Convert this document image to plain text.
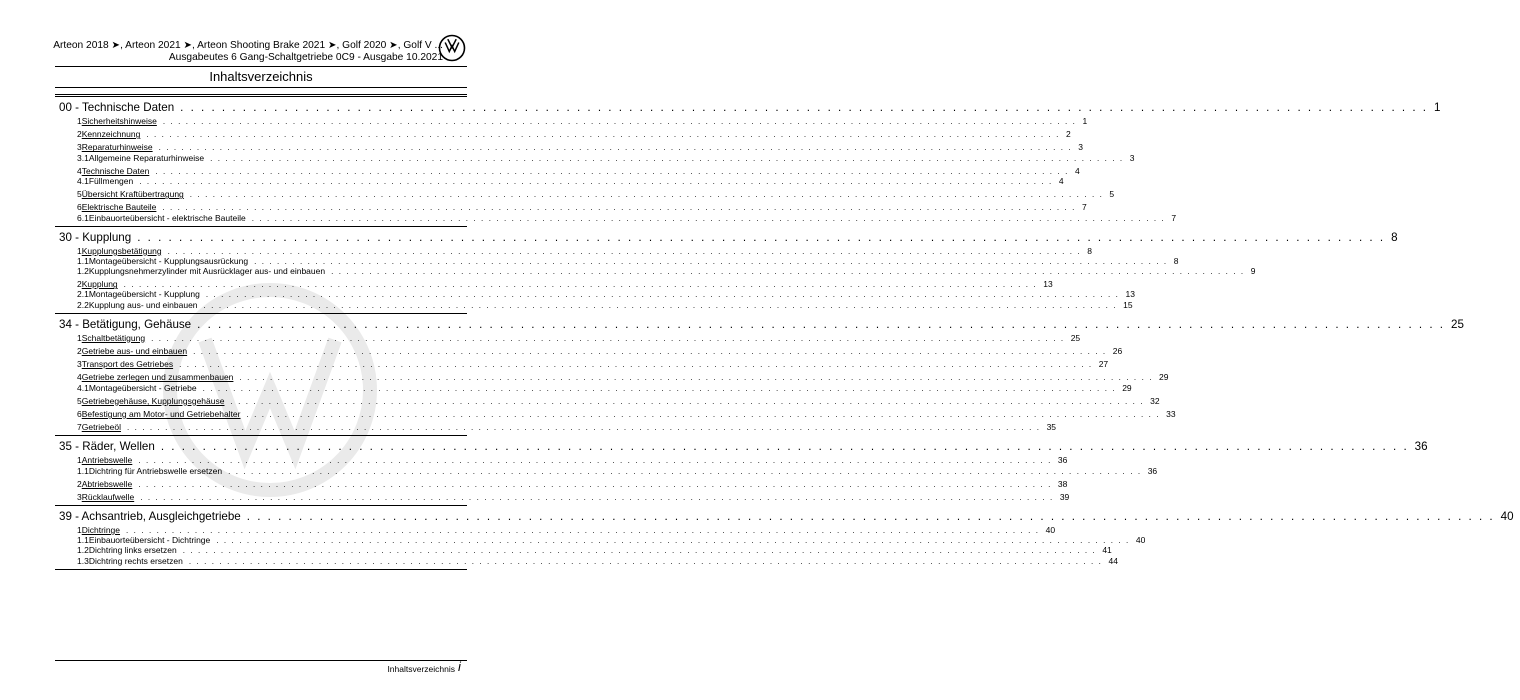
Arteon 2018 ➤, Arteon 2021 ➤, Arteon Shooting Brake 2021 ➤, Golf 2020 ➤, Golf V ...
Ausgabeutes 6 Gang-Schaltgetriebe 0C9 - Ausgabe 10.2021
Inhaltsverzeichnis
00 - Technische Daten . . . . . . . . . . . . . . . . . . . . . . . . . . . . . . . . . . . . . . . . . . . . . . . . . . . . . . . . . . . . . . . . . . . . . . . . . . . . . . . . . . . . . . . . . . . . . . . . . . . . . . . . . . . . . . . . . . . . . . . . 1
1 Sicherheitshinweise . . . . . . . . . . . . . . . . . . . . . . . . . . . . . . . . . . . . . . . . . . . . . . . . . . . . . . . . . . . . . . . . . . . . . . . . . . . . . . . . . . . . . . . . . . . . . . . . . . . . . . . . . . . . . . . . . . . . . . . . 1
2 Kennzeichnung . . . . . . . . . . . . . . . . . . . . . . . . . . . . . . . . . . . . . . . . . . . . . . . . . . . . . . . . . . . . . . . . . . . . . . . . . . . . . . . . . . . . . . . . . . . . . . . . . . . . . . . . . . . . . . . . . . . . . . . . 2
3 Reparaturhinweise . . . . . . . . . . . . . . . . . . . . . . . . . . . . . . . . . . . . . . . . . . . . . . . . . . . . . . . . . . . . . . . . . . . . . . . . . . . . . . . . . . . . . . . . . . . . . . . . . . . . . . . . . . . . . . . . . . . . . . . . 3
3.1 Allgemeine Reparaturhinweise . . . . . . . . . . . . . . . . . . . . . . . . . . . . . . . . . . . . . . . . . . . . . . . . . . . . . . . . . . . . . . . . . . . . . . . . . . . . . . . . . . . . . . . . . . . . . . . . . . . . . . . . . . . . . . . . . . . . . . . . 3
4 Technische Daten . . . . . . . . . . . . . . . . . . . . . . . . . . . . . . . . . . . . . . . . . . . . . . . . . . . . . . . . . . . . . . . . . . . . . . . . . . . . . . . . . . . . . . . . . . . . . . . . . . . . . . . . . . . . . . . . . . . . . . . . 4
4.1 Füllmengen . . . . . . . . . . . . . . . . . . . . . . . . . . . . . . . . . . . . . . . . . . . . . . . . . . . . . . . . . . . . . . . . . . . . . . . . . . . . . . . . . . . . . . . . . . . . . . . . . . . . . . . . . . . . . . . . . . . . . . . . 4
5 Übersicht Kraftübertragung . . . . . . . . . . . . . . . . . . . . . . . . . . . . . . . . . . . . . . . . . . . . . . . . . . . . . . . . . . . . . . . . . . . . . . . . . . . . . . . . . . . . . . . . . . . . . . . . . . . . . . . . . . . . . . . . . . . . . . . . 5
6 Elektrische Bauteile . . . . . . . . . . . . . . . . . . . . . . . . . . . . . . . . . . . . . . . . . . . . . . . . . . . . . . . . . . . . . . . . . . . . . . . . . . . . . . . . . . . . . . . . . . . . . . . . . . . . . . . . . . . . . . . . . . . . . . . . 7
6.1 Einbauorteübersicht - elektrische Bauteile . . . . . . . . . . . . . . . . . . . . . . . . . . . . . . . . . . . . . . . . . . . . . . . . . . . . . . . . . . . . . . . . . . . . . . . . . . . . . . . . . . . . . . . . . . . . . . . . . . . . . . . . . . . . . . . . . . . . . . . . 7
30 - Kupplung . . . . . . . . . . . . . . . . . . . . . . . . . . . . . . . . . . . . . . . . . . . . . . . . . . . . . . . . . . . . . . . . . . . . . . . . . . . . . . . . . . . . . . . . . . . . . . . . . . . . . . . . . . . . . . . . . . . . . . . . 8
1 Kupplungsbetätigung . . . . . . . . . . . . . . . . . . . . . . . . . . . . . . . . . . . . . . . . . . . . . . . . . . . . . . . . . . . . . . . . . . . . . . . . . . . . . . . . . . . . . . . . . . . . . . . . . . . . . . . . . . . . . . . . . . . . . . . . 8
1.1 Montageübersicht - Kupplungsausrückung . . . . . . . . . . . . . . . . . . . . . . . . . . . . . . . . . . . . . . . . . . . . . . . . . . . . . . . . . . . . . . . . . . . . . . . . . . . . . . . . . . . . . . . . . . . . . . . . . . . . . . . . . . . . . . . . . . . . . . . . 8
1.2 Kupplungsnehmerzylinder mit Ausrücklager aus- und einbauen . . . . . . . . . . . . . . . . . . . . . . . . . . . . . . . . . . . . . . . . . . . . . . . . . . . . . . . . . . . . . . . . . . . . . . . . . . . . . . . . . . . . . . . . . . . . . . . . . . . . . . . . . . . . . . . . . . . . . . . . 9
2 Kupplung . . . . . . . . . . . . . . . . . . . . . . . . . . . . . . . . . . . . . . . . . . . . . . . . . . . . . . . . . . . . . . . . . . . . . . . . . . . . . . . . . . . . . . . . . . . . . . . . . . . . . . . . . . . . . . . . . . . . . . . . 13
2.1 Montageübersicht - Kupplung . . . . . . . . . . . . . . . . . . . . . . . . . . . . . . . . . . . . . . . . . . . . . . . . . . . . . . . . . . . . . . . . . . . . . . . . . . . . . . . . . . . . . . . . . . . . . . . . . . . . . . . . . . . . . . . . . . . . . . . . 13
2.2 Kupplung aus- und einbauen . . . . . . . . . . . . . . . . . . . . . . . . . . . . . . . . . . . . . . . . . . . . . . . . . . . . . . . . . . . . . . . . . . . . . . . . . . . . . . . . . . . . . . . . . . . . . . . . . . . . . . . . . . . . . . . . . . . . . . . . 15
34 - Betätigung, Gehäuse . . . . . . . . . . . . . . . . . . . . . . . . . . . . . . . . . . . . . . . . . . . . . . . . . . . . . . . . . . . . . . . . . . . . . . . . . . . . . . . . . . . . . . . . . . . . . . . . . . . . . . . . . . . . . . . . . . . . . . . . 25
1 Schaltbetätigung . . . . . . . . . . . . . . . . . . . . . . . . . . . . . . . . . . . . . . . . . . . . . . . . . . . . . . . . . . . . . . . . . . . . . . . . . . . . . . . . . . . . . . . . . . . . . . . . . . . . . . . . . . . . . . . . . . . . . . . . 25
2 Getriebe aus- und einbauen . . . . . . . . . . . . . . . . . . . . . . . . . . . . . . . . . . . . . . . . . . . . . . . . . . . . . . . . . . . . . . . . . . . . . . . . . . . . . . . . . . . . . . . . . . . . . . . . . . . . . . . . . . . . . . . . . . . . . . . . 26
3 Transport des Getriebes . . . . . . . . . . . . . . . . . . . . . . . . . . . . . . . . . . . . . . . . . . . . . . . . . . . . . . . . . . . . . . . . . . . . . . . . . . . . . . . . . . . . . . . . . . . . . . . . . . . . . . . . . . . . . . . . . . . . . . . . 27
4 Getriebe zerlegen und zusammenbauen . . . . . . . . . . . . . . . . . . . . . . . . . . . . . . . . . . . . . . . . . . . . . . . . . . . . . . . . . . . . . . . . . . . . . . . . . . . . . . . . . . . . . . . . . . . . . . . . . . . . . . . . . . . . . . . . . . . . . . . . 29
4.1 Montageübersicht - Getriebe . . . . . . . . . . . . . . . . . . . . . . . . . . . . . . . . . . . . . . . . . . . . . . . . . . . . . . . . . . . . . . . . . . . . . . . . . . . . . . . . . . . . . . . . . . . . . . . . . . . . . . . . . . . . . . . . . . . . . . . . 29
5 Getriebegehäuse, Kupplungsgehäuse . . . . . . . . . . . . . . . . . . . . . . . . . . . . . . . . . . . . . . . . . . . . . . . . . . . . . . . . . . . . . . . . . . . . . . . . . . . . . . . . . . . . . . . . . . . . . . . . . . . . . . . . . . . . . . . . . . . . . . . . 32
6 Befestigung am Motor- und Getriebehalter . . . . . . . . . . . . . . . . . . . . . . . . . . . . . . . . . . . . . . . . . . . . . . . . . . . . . . . . . . . . . . . . . . . . . . . . . . . . . . . . . . . . . . . . . . . . . . . . . . . . . . . . . . . . . . . . . . . . . . . . 33
7 Getriebeöl . . . . . . . . . . . . . . . . . . . . . . . . . . . . . . . . . . . . . . . . . . . . . . . . . . . . . . . . . . . . . . . . . . . . . . . . . . . . . . . . . . . . . . . . . . . . . . . . . . . . . . . . . . . . . . . . . . . . . . . . 35
35 - Räder, Wellen . . . . . . . . . . . . . . . . . . . . . . . . . . . . . . . . . . . . . . . . . . . . . . . . . . . . . . . . . . . . . . . . . . . . . . . . . . . . . . . . . . . . . . . . . . . . . . . . . . . . . . . . . . . . . . . . . . . . . . . . 36
1 Antriebswelle . . . . . . . . . . . . . . . . . . . . . . . . . . . . . . . . . . . . . . . . . . . . . . . . . . . . . . . . . . . . . . . . . . . . . . . . . . . . . . . . . . . . . . . . . . . . . . . . . . . . . . . . . . . . . . . . . . . . . . . . 36
1.1 Dichtring für Antriebswelle ersetzen . . . . . . . . . . . . . . . . . . . . . . . . . . . . . . . . . . . . . . . . . . . . . . . . . . . . . . . . . . . . . . . . . . . . . . . . . . . . . . . . . . . . . . . . . . . . . . . . . . . . . . . . . . . . . . . . . . . . . . . . 36
2 Abtriebswelle . . . . . . . . . . . . . . . . . . . . . . . . . . . . . . . . . . . . . . . . . . . . . . . . . . . . . . . . . . . . . . . . . . . . . . . . . . . . . . . . . . . . . . . . . . . . . . . . . . . . . . . . . . . . . . . . . . . . . . . . 38
3 Rücklaufwelle . . . . . . . . . . . . . . . . . . . . . . . . . . . . . . . . . . . . . . . . . . . . . . . . . . . . . . . . . . . . . . . . . . . . . . . . . . . . . . . . . . . . . . . . . . . . . . . . . . . . . . . . . . . . . . . . . . . . . . . . 39
39 - Achsantrieb, Ausgleichgetriebe . . . . . . . . . . . . . . . . . . . . . . . . . . . . . . . . . . . . . . . . . . . . . . . . . . . . . . . . . . . . . . . . . . . . . . . . . . . . . . . . . . . . . . . . . . . . . . . . . . . . . . . . . . . . . . . . . . . . . . . . 40
1 Dichtringe . . . . . . . . . . . . . . . . . . . . . . . . . . . . . . . . . . . . . . . . . . . . . . . . . . . . . . . . . . . . . . . . . . . . . . . . . . . . . . . . . . . . . . . . . . . . . . . . . . . . . . . . . . . . . . . . . . . . . . . . 40
1.1 Einbauorteübersicht - Dichtringe . . . . . . . . . . . . . . . . . . . . . . . . . . . . . . . . . . . . . . . . . . . . . . . . . . . . . . . . . . . . . . . . . . . . . . . . . . . . . . . . . . . . . . . . . . . . . . . . . . . . . . . . . . . . . . . . . . . . . . . . 40
1.2 Dichtring links ersetzen . . . . . . . . . . . . . . . . . . . . . . . . . . . . . . . . . . . . . . . . . . . . . . . . . . . . . . . . . . . . . . . . . . . . . . . . . . . . . . . . . . . . . . . . . . . . . . . . . . . . . . . . . . . . . . . . . . . . . . . . 41
1.3 Dichtring rechts ersetzen . . . . . . . . . . . . . . . . . . . . . . . . . . . . . . . . . . . . . . . . . . . . . . . . . . . . . . . . . . . . . . . . . . . . . . . . . . . . . . . . . . . . . . . . . . . . . . . . . . . . . . . . . . . . . . . . . . . . . . . . 44
Inhaltsverzeichnis i
